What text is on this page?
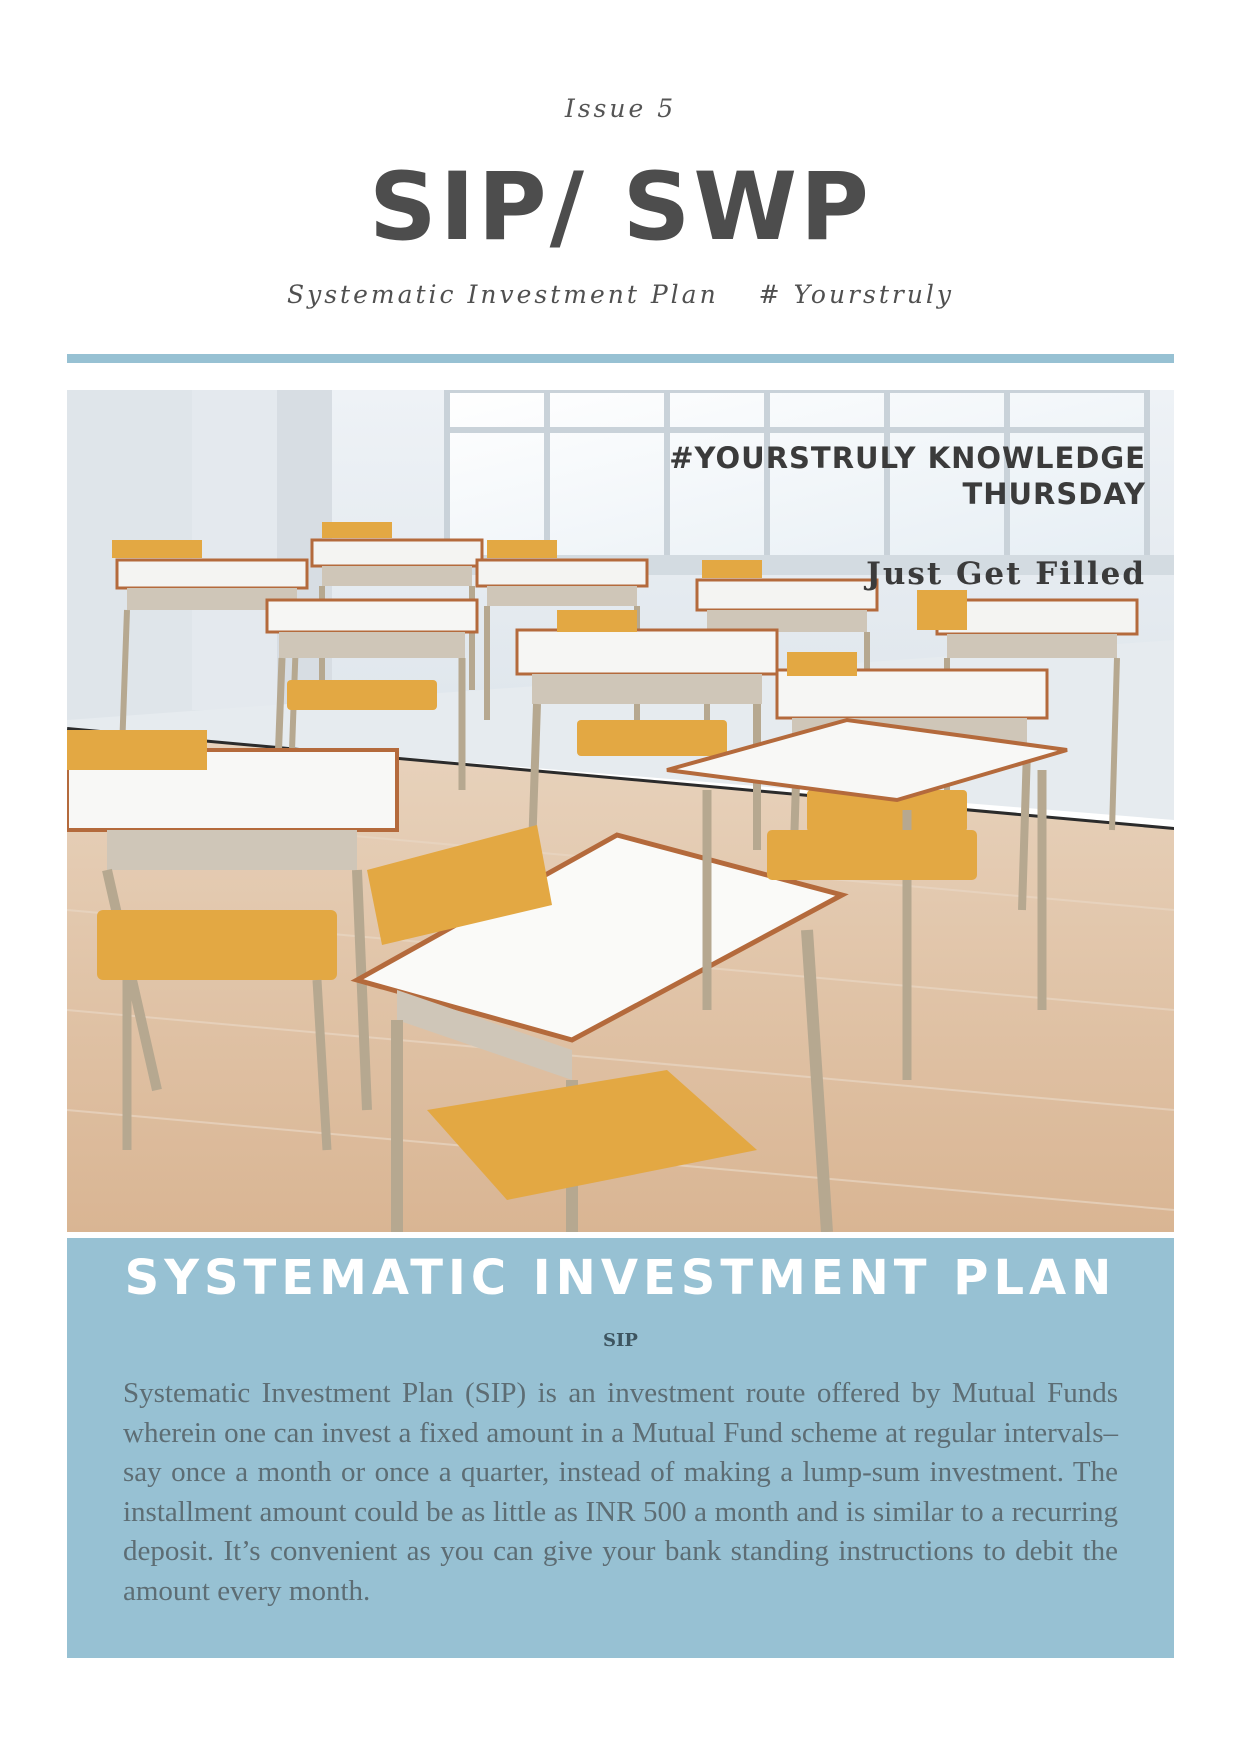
Issue 5
SIP/ SWP
Systematic Investment Plan # Yourstruly
#YOURSTRULY KNOWLEDGE THURSDAY
Just Get Filled
SYSTEMATIC INVESTMENT PLAN
SIP
Systematic Investment Plan (SIP) is an investment route offered by Mutual Funds wherein one can invest a fixed amount in a Mutual Fund scheme at regular intervals– say once a month or once a quarter, instead of making a lump-sum investment. The installment amount could be as little as INR 500 a month and is similar to a recurring deposit. It’s convenient as you can give your bank standing instructions to debit the amount every month.
